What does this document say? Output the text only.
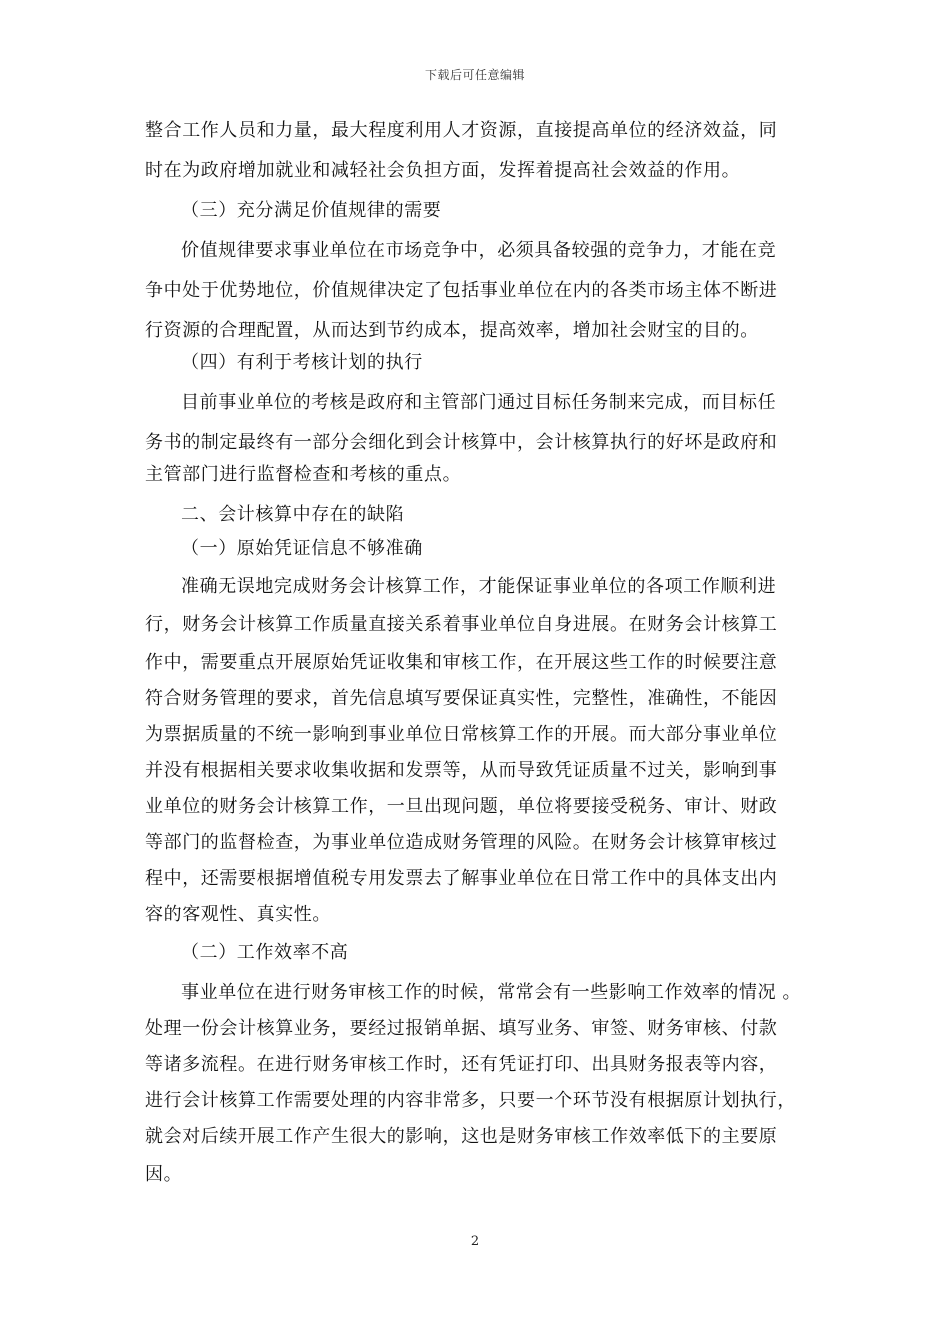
下载后可任意编辑
整合工作人员和力量，最大程度利用人才资源，直接提高单位的经济效益，同
时在为政府增加就业和减轻社会负担方面，发挥着提高社会效益的作用。
（三）充分满足价值规律的需要
价值规律要求事业单位在市场竞争中，必须具备较强的竞争力，才能在竞
争中处于优势地位，价值规律决定了包括事业单位在内的各类市场主体不断进
行资源的合理配置，从而达到节约成本，提高效率，增加社会财宝的目的。
（四）有利于考核计划的执行
目前事业单位的考核是政府和主管部门通过目标任务制来完成，而目标任
务书的制定最终有一部分会细化到会计核算中，会计核算执行的好坏是政府和
主管部门进行监督检查和考核的重点。
二、会计核算中存在的缺陷
（一）原始凭证信息不够准确
准确无误地完成财务会计核算工作，才能保证事业单位的各项工作顺利进
行，财务会计核算工作质量直接关系着事业单位自身进展。在财务会计核算工
作中，需要重点开展原始凭证收集和审核工作，在开展这些工作的时候要注意
符合财务管理的要求，首先信息填写要保证真实性，完整性，准确性，不能因
为票据质量的不统一影响到事业单位日常核算工作的开展。而大部分事业单位
并没有根据相关要求收集收据和发票等，从而导致凭证质量不过关，影响到事
业单位的财务会计核算工作，一旦出现问题，单位将要接受税务、审计、财政
等部门的监督检查，为事业单位造成财务管理的风险。在财务会计核算审核过
程中，还需要根据增值税专用发票去了解事业单位在日常工作中的具体支出内
容的客观性、真实性。
（二）工作效率不高
事业单位在进行财务审核工作的时候，常常会有一些影响工作效率的情况 。
处理一份会计核算业务，要经过报销单据、填写业务、审签、财务审核、付款
等诸多流程。在进行财务审核工作时，还有凭证打印、出具财务报表等内容，
进行会计核算工作需要处理的内容非常多，只要一个环节没有根据原计划执行，
就会对后续开展工作产生很大的影响，这也是财务审核工作效率低下的主要原
因。
2
